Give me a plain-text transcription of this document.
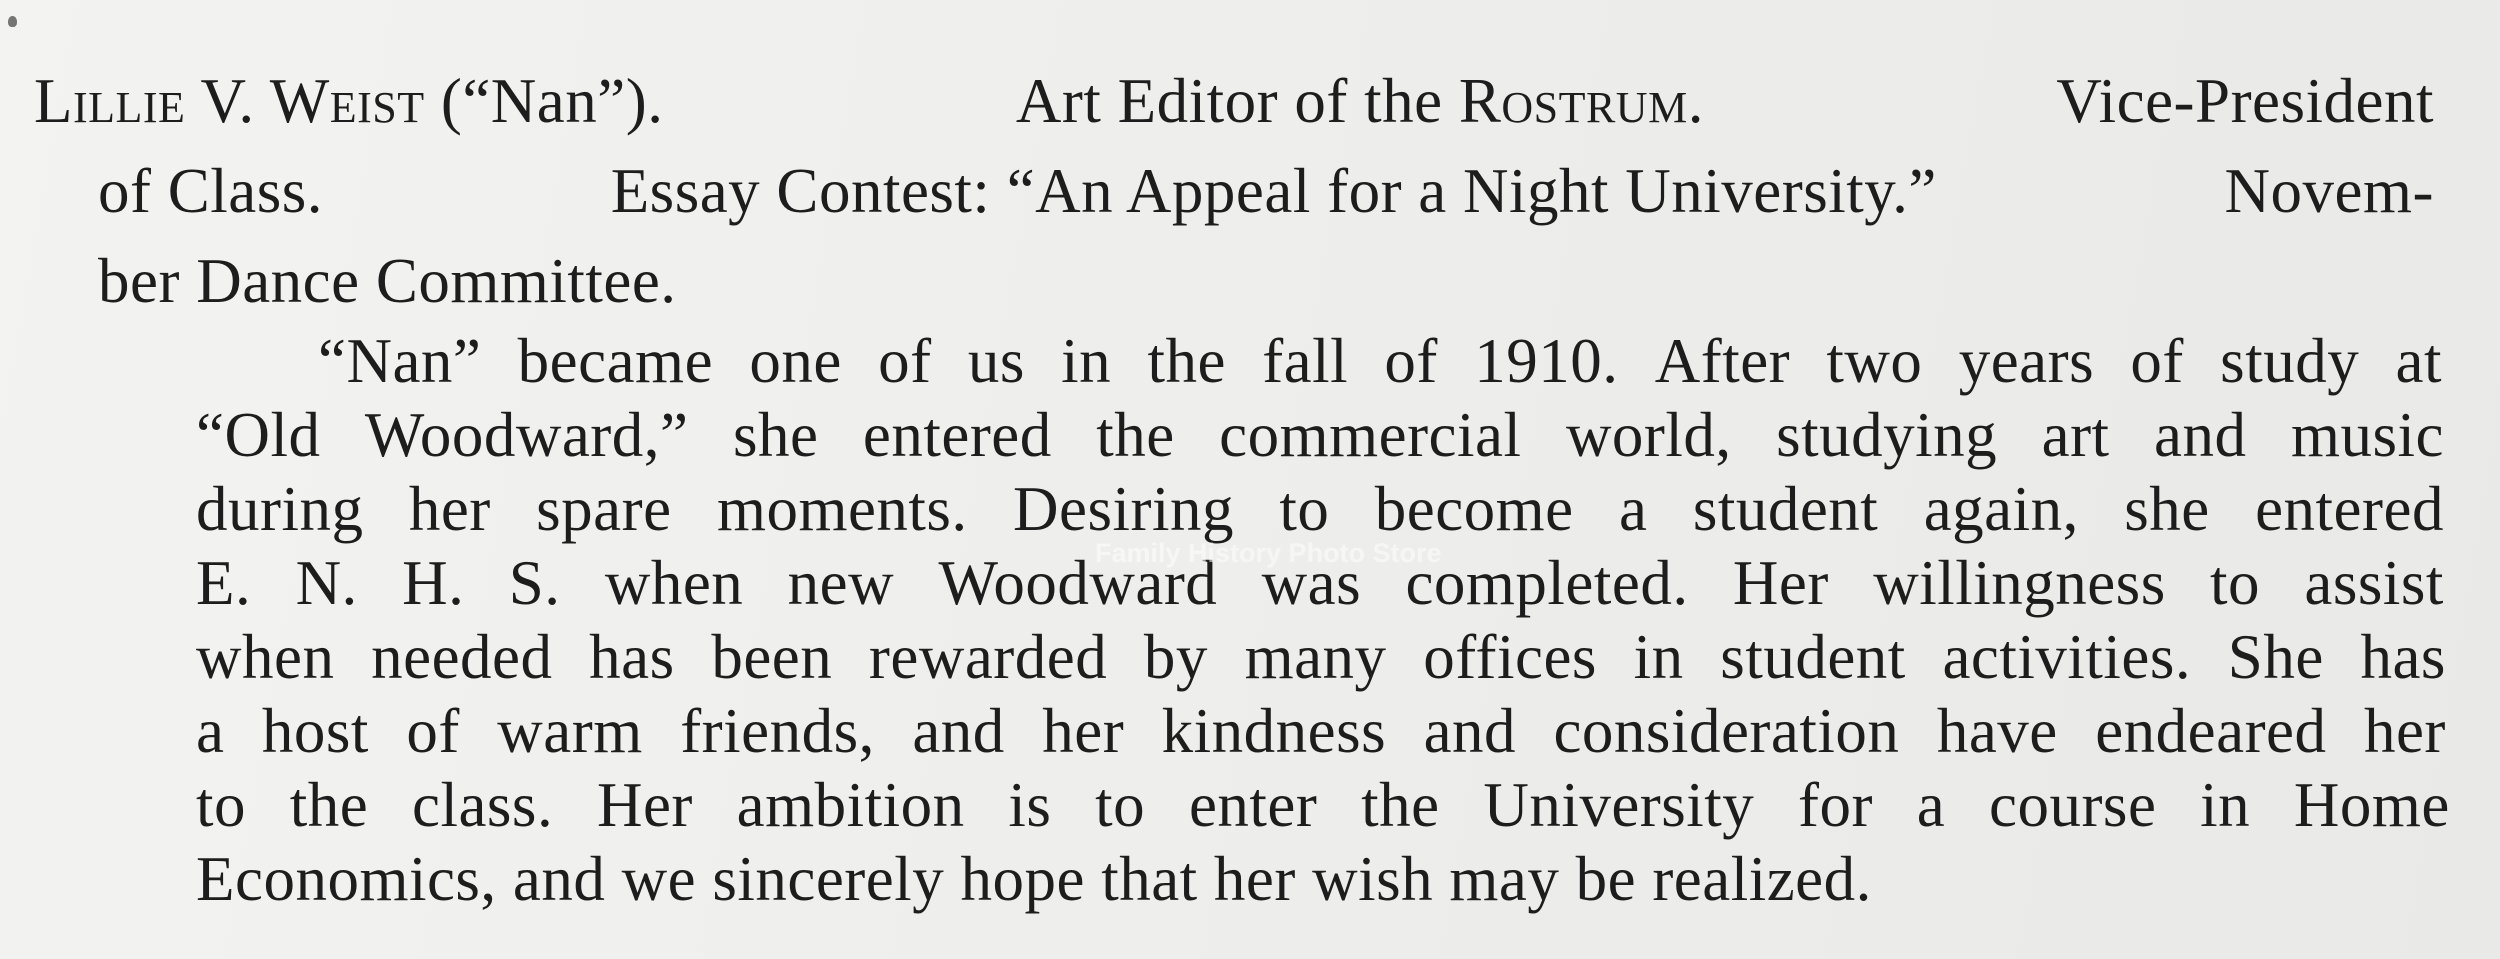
Lillie V. Weist (“Nan”).	Art Editor of the Rostrum.	Vice-President
of Class.	Essay Contest: “An Appeal for a Night University.”	Novem-
ber Dance Committee.
“Nan” became one of us in the fall of 1910. After two years of study at
“Old Woodward,” she entered the commercial world, studying art and music
during her spare moments. Desiring to become a student again, she entered
E. N. H. S. when new Woodward was completed. Her willingness to assist
when needed has been rewarded by many offices in student activities. She has
a host of warm friends, and her kindness and consideration have endeared her
to the class. Her ambition is to enter the University for a course in Home
Economics, and we sincerely hope that her wish may be realized.
Family History Photo Store
